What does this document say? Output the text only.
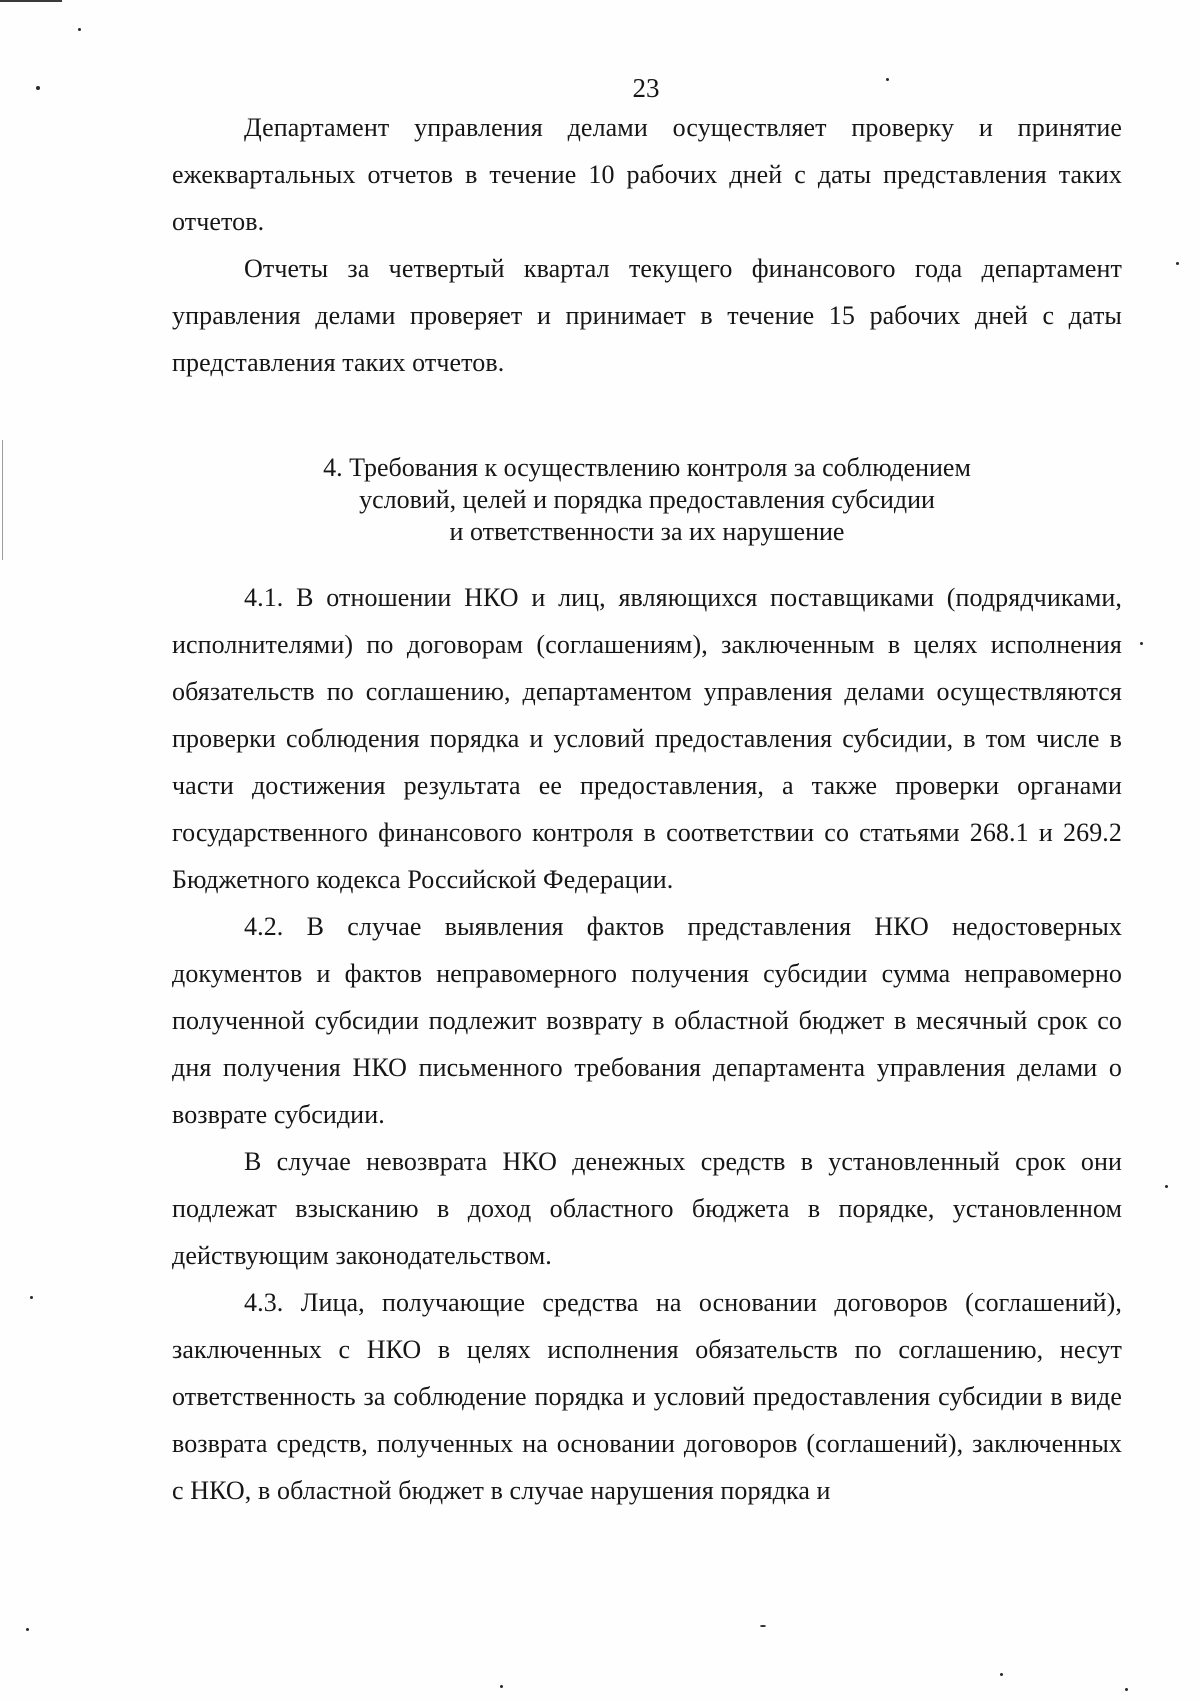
23

Департамент управления делами осуществляет проверку и принятие ежеквартальных отчетов в течение 10 рабочих дней с даты представления таких отчетов.

Отчеты за четвертый квартал текущего финансового года департамент управления делами проверяет и принимает в течение 15 рабочих дней с даты представления таких отчетов.

4. Требования к осуществлению контроля за соблюдением
условий, целей и порядка предоставления субсидии
и ответственности за их нарушение

4.1. В отношении НКО и лиц, являющихся поставщиками (подрядчиками, исполнителями) по договорам (соглашениям), заключенным в целях исполнения обязательств по соглашению, департаментом управления делами осуществляются проверки соблюдения порядка и условий предоставления субсидии, в том числе в части достижения результата ее предоставления, а также проверки органами государственного финансового контроля в соответствии со статьями 268.1 и 269.2 Бюджетного кодекса Российской Федерации.

4.2. В случае выявления фактов представления НКО недостоверных документов и фактов неправомерного получения субсидии сумма неправомерно полученной субсидии подлежит возврату в областной бюджет в месячный срок со дня получения НКО письменного требования департамента управления делами о возврате субсидии.

В случае невозврата НКО денежных средств в установленный срок они подлежат взысканию в доход областного бюджета в порядке, установленном действующим законодательством.

4.3. Лица, получающие средства на основании договоров (соглашений), заключенных с НКО в целях исполнения обязательств по соглашению, несут ответственность за соблюдение порядка и условий предоставления субсидии в виде возврата средств, полученных на основании договоров (соглашений), заключенных с НКО, в областной бюджет в случае нарушения порядка и
